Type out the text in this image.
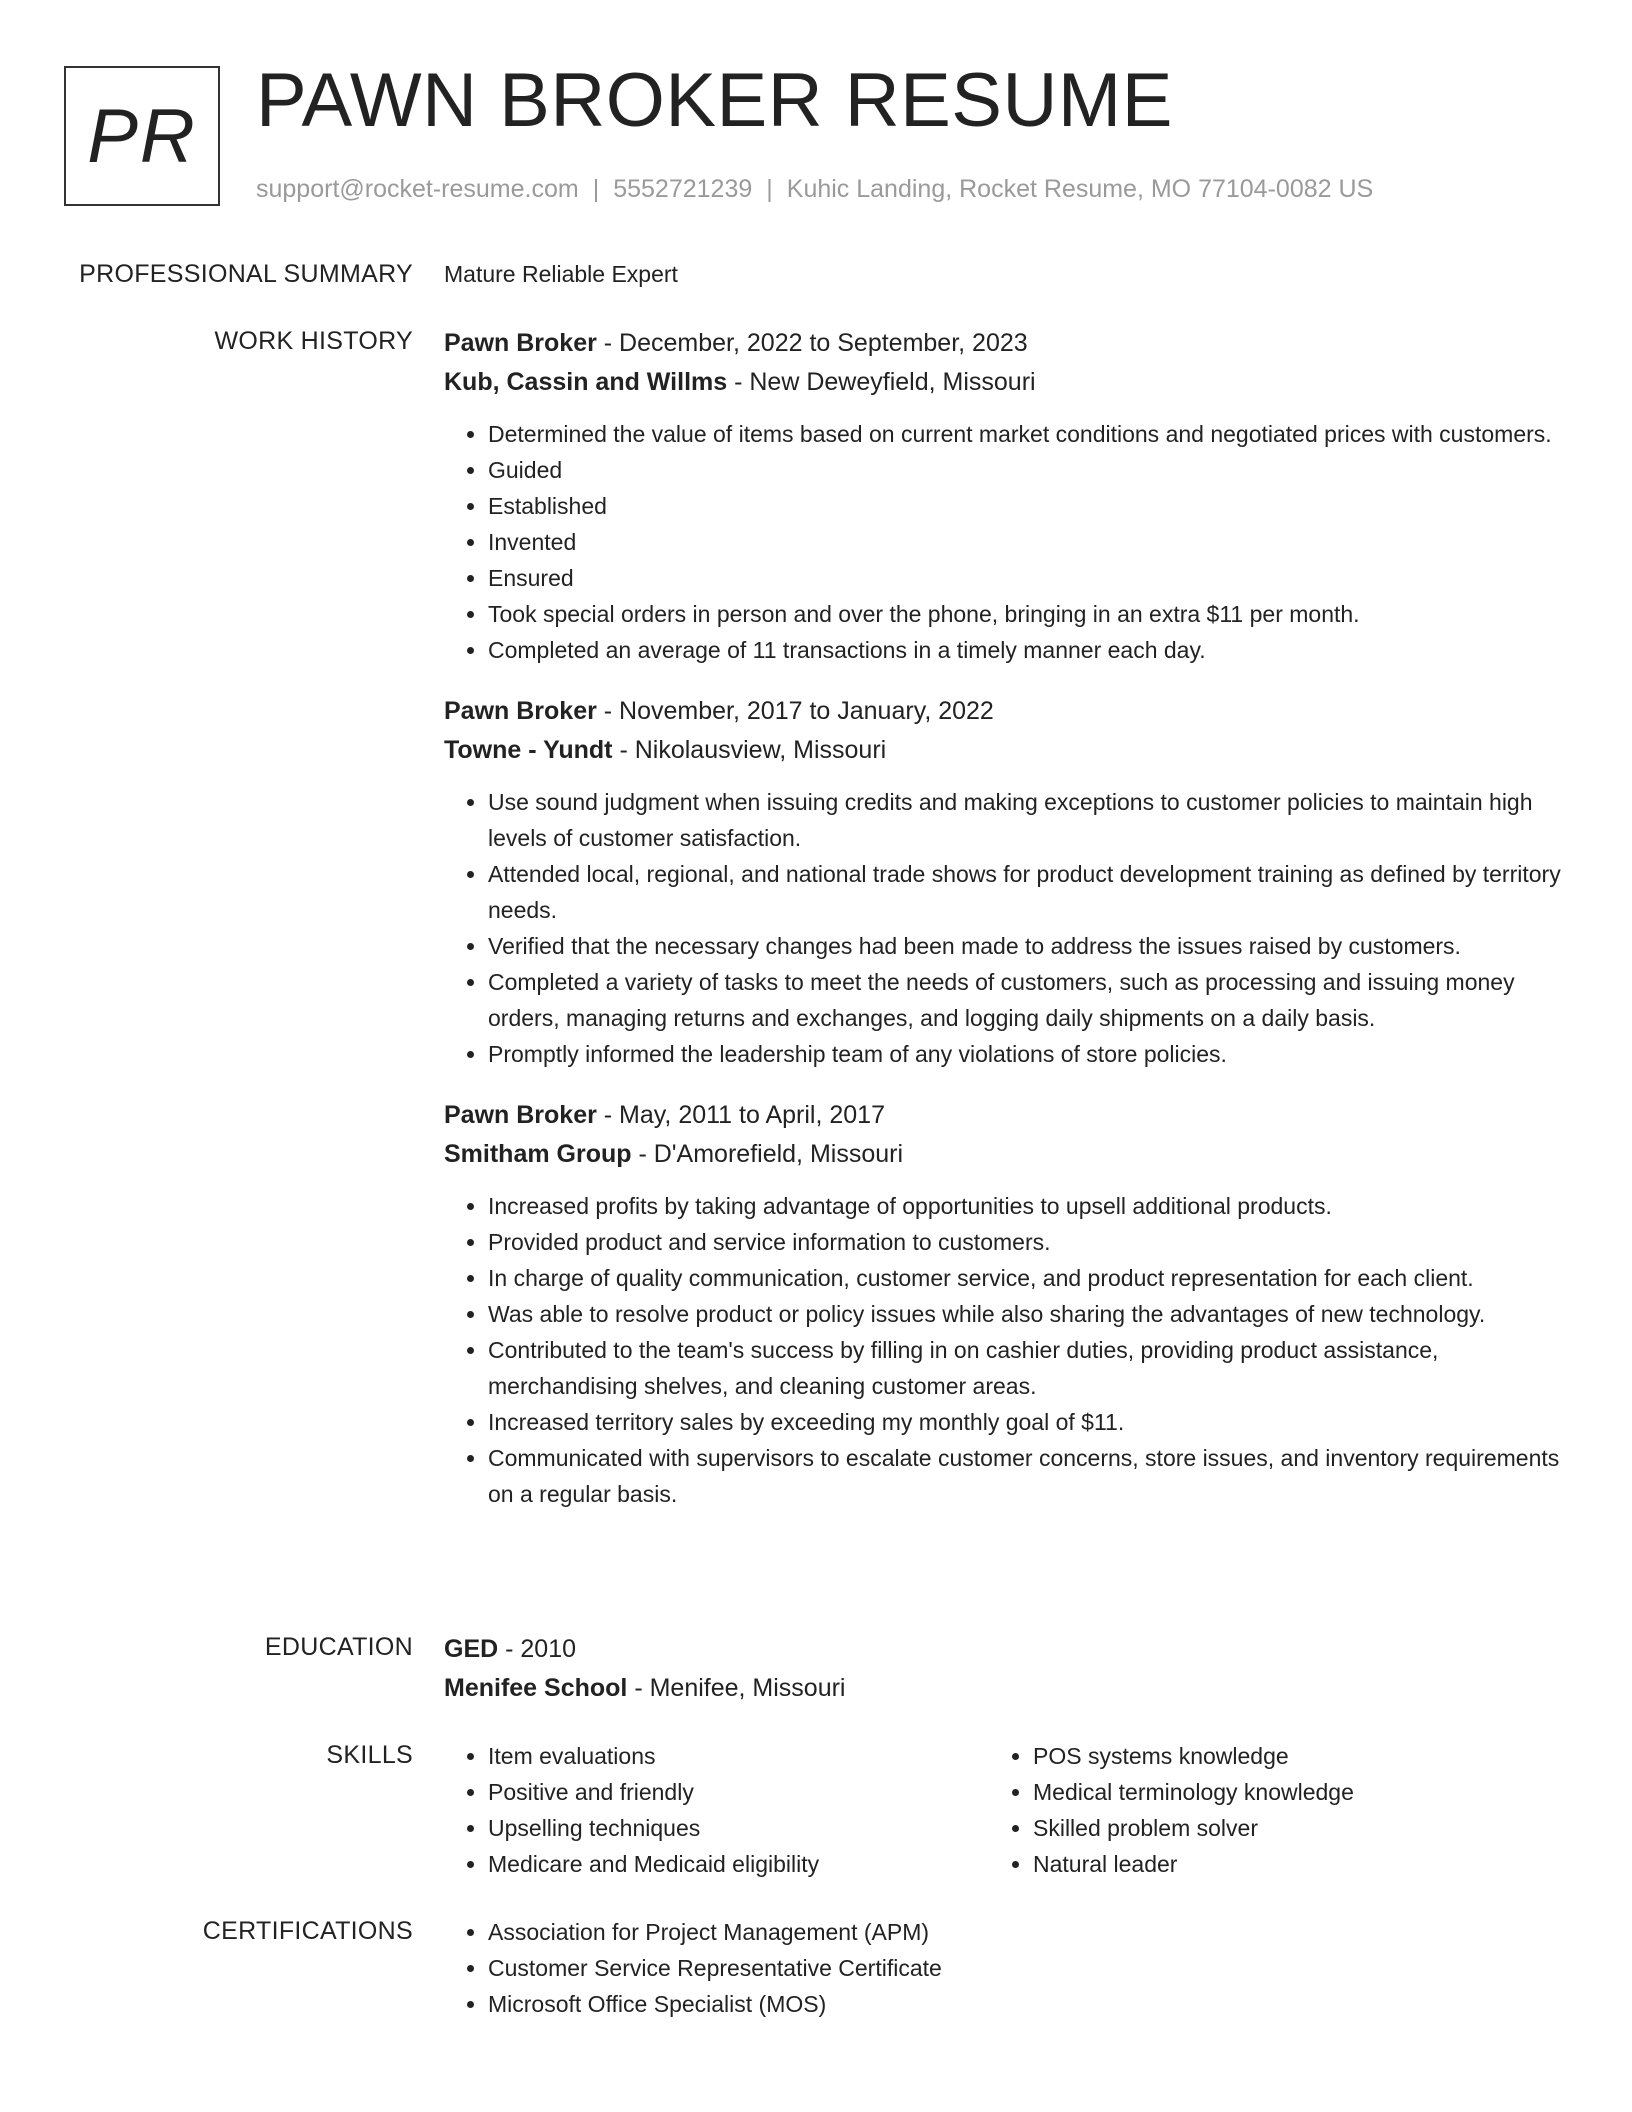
PR PAWN BROKER RESUME
support@rocket-resume.com | 5552721239 | Kuhic Landing, Rocket Resume, MO 77104-0082 US
PROFESSIONAL SUMMARY Mature Reliable Expert
WORK HISTORY Pawn Broker - December, 2022 to September, 2023
Kub, Cassin and Willms - New Deweyfield, Missouri
• Determined the value of items based on current market conditions and negotiated prices with customers.
• Guided
• Established
• Invented
• Ensured
• Took special orders in person and over the phone, bringing in an extra $11 per month.
• Completed an average of 11 transactions in a timely manner each day.
Pawn Broker - November, 2017 to January, 2022
Towne - Yundt - Nikolausview, Missouri
• Use sound judgment when issuing credits and making exceptions to customer policies to maintain high levels of customer satisfaction.
• Attended local, regional, and national trade shows for product development training as defined by territory needs.
• Verified that the necessary changes had been made to address the issues raised by customers.
• Completed a variety of tasks to meet the needs of customers, such as processing and issuing money orders, managing returns and exchanges, and logging daily shipments on a daily basis.
• Promptly informed the leadership team of any violations of store policies.
Pawn Broker - May, 2011 to April, 2017
Smitham Group - D'Amorefield, Missouri
• Increased profits by taking advantage of opportunities to upsell additional products.
• Provided product and service information to customers.
• In charge of quality communication, customer service, and product representation for each client.
• Was able to resolve product or policy issues while also sharing the advantages of new technology.
• Contributed to the team's success by filling in on cashier duties, providing product assistance, merchandising shelves, and cleaning customer areas.
• Increased territory sales by exceeding my monthly goal of $11.
• Communicated with supervisors to escalate customer concerns, store issues, and inventory requirements on a regular basis.
EDUCATION GED - 2010
Menifee School - Menifee, Missouri
SKILLS	• Item evaluations
• Positive and friendly
• Upselling techniques
• Medicare and Medicaid eligibility
• POS systems knowledge
• Medical terminology knowledge
• Skilled problem solver
• Natural leader
CERTIFICATIONS	• Association for Project Management (APM)
• Customer Service Representative Certificate
• Microsoft Office Specialist (MOS)
